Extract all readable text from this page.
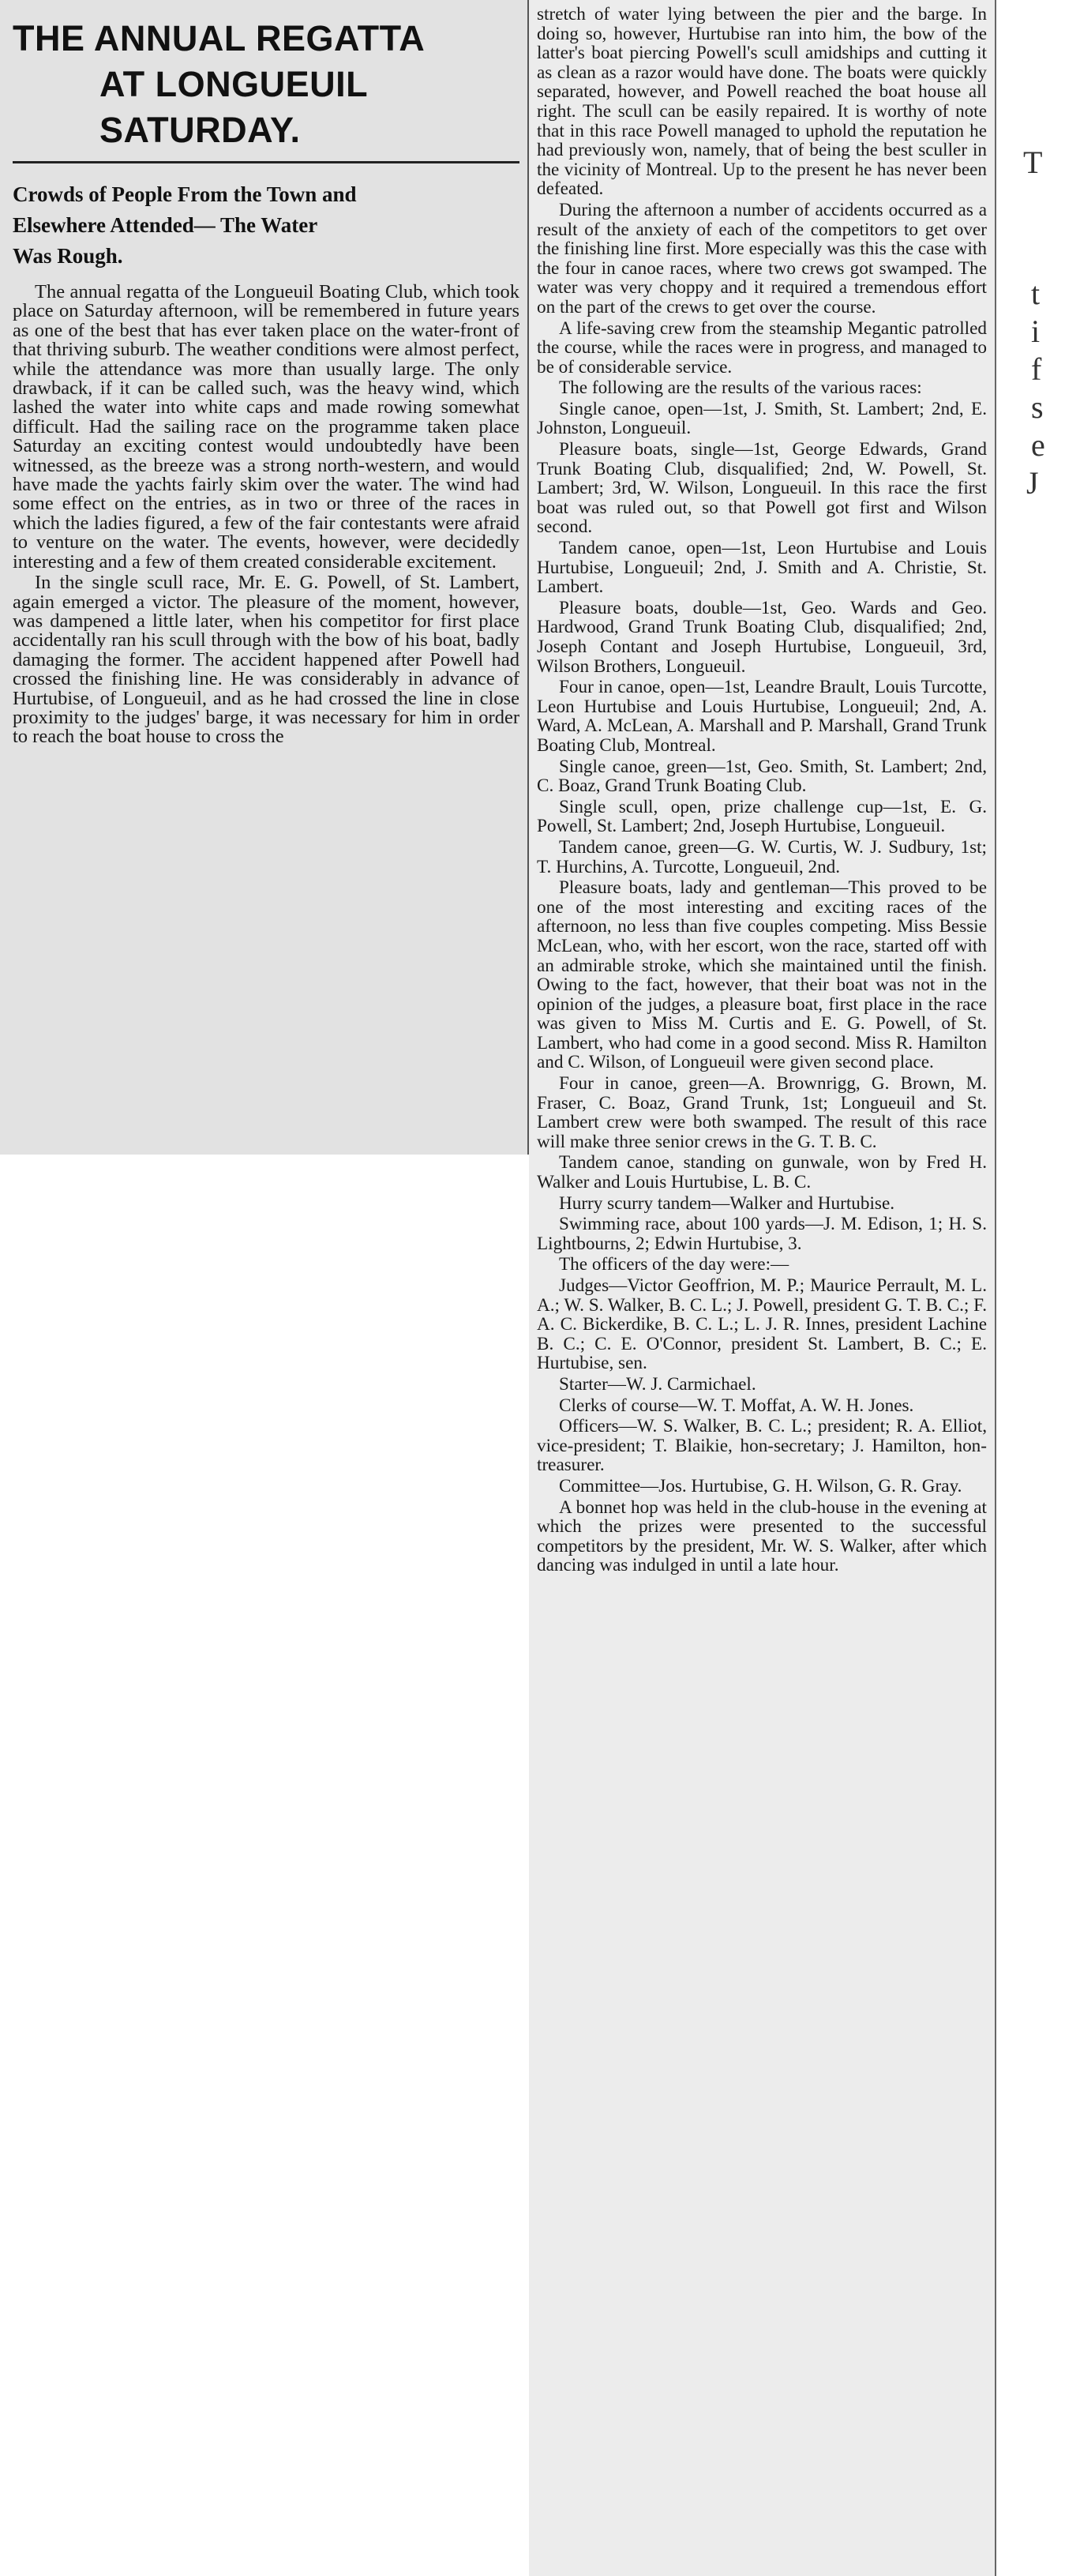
THE ANNUAL REGATTA
AT LONGUEUIL SATURDAY.
Crowds of People From the Town and
Elsewhere Attended— The Water
Was Rough.

The annual regatta of the Longueuil Boating Club, which took place on Saturday afternoon, will be remembered in future years as one of the best that has ever taken place on the water-front of that thriving suburb. The weather conditions were almost perfect, while the attendance was more than usually large. The only drawback, if it can be called such, was the heavy wind, which lashed the water into white caps and made rowing somewhat difficult. Had the sailing race on the programme taken place Saturday an exciting contest would undoubtedly have been witnessed, as the breeze was a strong north-western, and would have made the yachts fairly skim over the water. The wind had some effect on the entries, as in two or three of the races in which the ladies figured, a few of the fair contestants were afraid to venture on the water. The events, however, were decidedly interesting and a few of them created considerable excitement.

In the single scull race, Mr. E. G. Powell, of St. Lambert, again emerged a victor. The pleasure of the moment, however, was dampened a little later, when his competitor for first place accidentally ran his scull through with the bow of his boat, badly damaging the former. The accident happened after Powell had crossed the finishing line. He was considerably in advance of Hurtubise, of Longueuil, and as he had crossed the line in close proximity to the judges' barge, it was necessary for him in order to reach the boat house to cross the

stretch of water lying between the pier and the barge. In doing so, however, Hurtubise ran into him, the bow of the latter's boat piercing Powell's scull amidships and cutting it as clean as a razor would have done. The boats were quickly separated, however, and Powell reached the boat house all right. The scull can be easily repaired. It is worthy of note that in this race Powell managed to uphold the reputation he had previously won, namely, that of being the best sculler in the vicinity of Montreal. Up to the present he has never been defeated.

During the afternoon a number of accidents occurred as a result of the anxiety of each of the competitors to get over the finishing line first. More especially was this the case with the four in canoe races, where two crews got swamped. The water was very choppy and it required a tremendous effort on the part of the crews to get over the course.

A life-saving crew from the steamship Megantic patrolled the course, while the races were in progress, and managed to be of considerable service.

The following are the results of the various races:

Single canoe, open—1st, J. Smith, St. Lambert; 2nd, E. Johnston, Longueuil.

Pleasure boats, single—1st, George Edwards, Grand Trunk Boating Club, disqualified; 2nd, W. Powell, St. Lambert; 3rd, W. Wilson, Longueuil. In this race the first boat was ruled out, so that Powell got first and Wilson second.

Tandem canoe, open—1st, Leon Hurtubise and Louis Hurtubise, Longueuil; 2nd, J. Smith and A. Christie, St. Lambert.

Pleasure boats, double—1st, Geo. Wards and Geo. Hardwood, Grand Trunk Boating Club, disqualified; 2nd, Joseph Contant and Joseph Hurtubise, Longueuil, 3rd, Wilson Brothers, Longueuil.

Four in canoe, open—1st, Leandre Brault, Louis Turcotte, Leon Hurtubise and Louis Hurtubise, Longueuil; 2nd, A. Ward, A. McLean, A. Marshall and P. Marshall, Grand Trunk Boating Club, Montreal.

Single canoe, green—1st, Geo. Smith, St. Lambert; 2nd, C. Boaz, Grand Trunk Boating Club.

Single scull, open, prize challenge cup—1st, E. G. Powell, St. Lambert; 2nd, Joseph Hurtubise, Longueuil.

Tandem canoe, green—G. W. Curtis, W. J. Sudbury, 1st; T. Hurchins, A. Turcotte, Longueuil, 2nd.

Pleasure boats, lady and gentleman—This proved to be one of the most interesting and exciting races of the afternoon, no less than five couples competing. Miss Bessie McLean, who, with her escort, won the race, started off with an admirable stroke, which she maintained until the finish. Owing to the fact, however, that their boat was not in the opinion of the judges, a pleasure boat, first place in the race was given to Miss M. Curtis and E. G. Powell, of St. Lambert, who had come in a good second. Miss R. Hamilton and C. Wilson, of Longueuil were given second place.

Four in canoe, green—A. Brownrigg, G. Brown, M. Fraser, C. Boaz, Grand Trunk, 1st; Longueuil and St. Lambert crew were both swamped. The result of this race will make three senior crews in the G. T. B. C.

Tandem canoe, standing on gunwale, won by Fred H. Walker and Louis Hurtubise, L. B. C.

Hurry scurry tandem—Walker and Hurtubise.

Swimming race, about 100 yards—J. M. Edison, 1; H. S. Lightbourns, 2; Edwin Hurtubise, 3.

The officers of the day were:—

Judges—Victor Geoffrion, M. P.; Maurice Perrault, M. L. A.; W. S. Walker, B. C. L.; J. Powell, president G. T. B. C.; F. A. C. Bickerdike, B. C. L.; L. J. R. Innes, president Lachine B. C.; C. E. O'Connor, president St. Lambert, B. C.; E. Hurtubise, sen.

Starter—W. J. Carmichael.

Clerks of course—W. T. Moffat, A. W. H. Jones.

Officers—W. S. Walker, B. C. L.; president; R. A. Elliot, vice-president; T. Blaikie, hon-secretary; J. Hamilton, hon-treasurer.

Committee—Jos. Hurtubise, G. H. Wilson, G. R. Gray.

A bonnet hop was held in the club-house in the evening at which the prizes were presented to the successful competitors by the president, Mr. W. S. Walker, after which dancing was indulged in until a late hour.

T
t
i
f
s
e
J
